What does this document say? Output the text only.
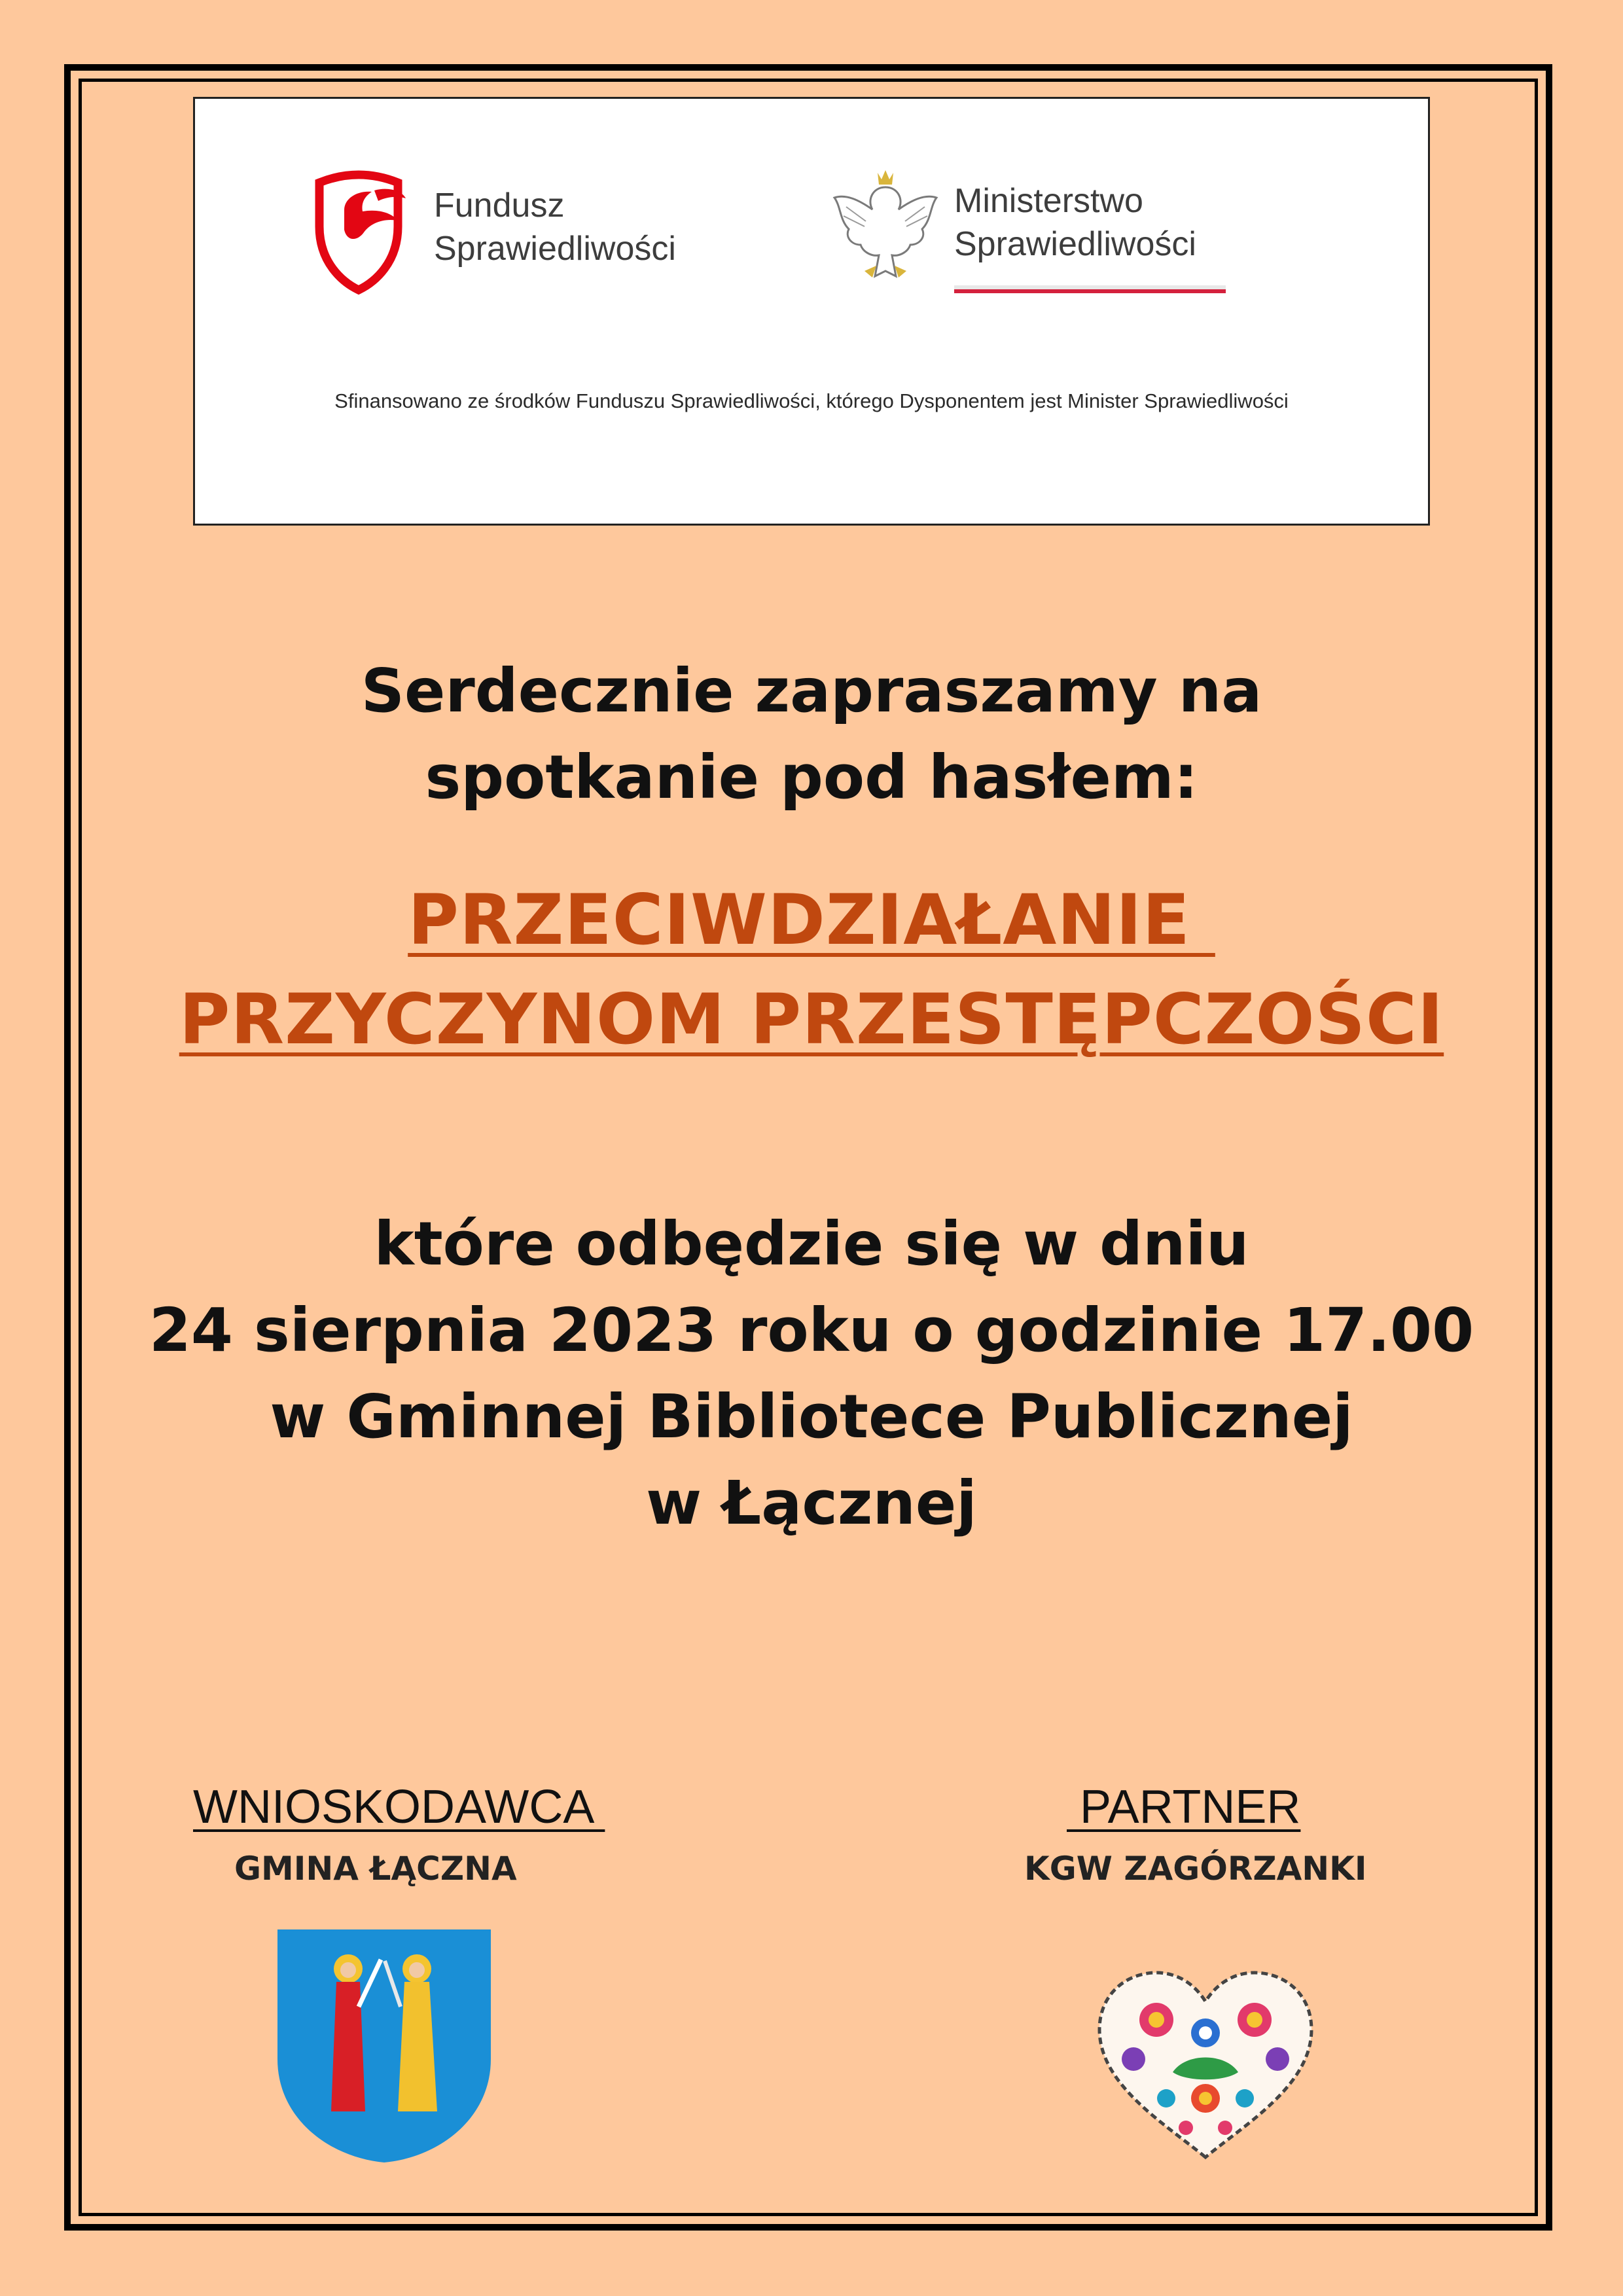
Fundusz
Sprawiedliwości
Ministerstwo
Sprawiedliwości
Sfinansowano ze środków Funduszu Sprawiedliwości, którego Dysponentem jest Minister Sprawiedliwości
Serdecznie zapraszamy na
spotkanie pod hasłem:
PRZECIWDZIAŁANIE
PRZYCZYNOM PRZESTĘPCZOŚCI
które odbędzie się w dniu
24 sierpnia 2023 roku o godzinie 17.00
w Gminnej Bibliotece Publicznej
w Łącznej
WNIOSKODAWCA
GMINA ŁĄCZNA
PARTNER
KGW ZAGÓRZANKI
